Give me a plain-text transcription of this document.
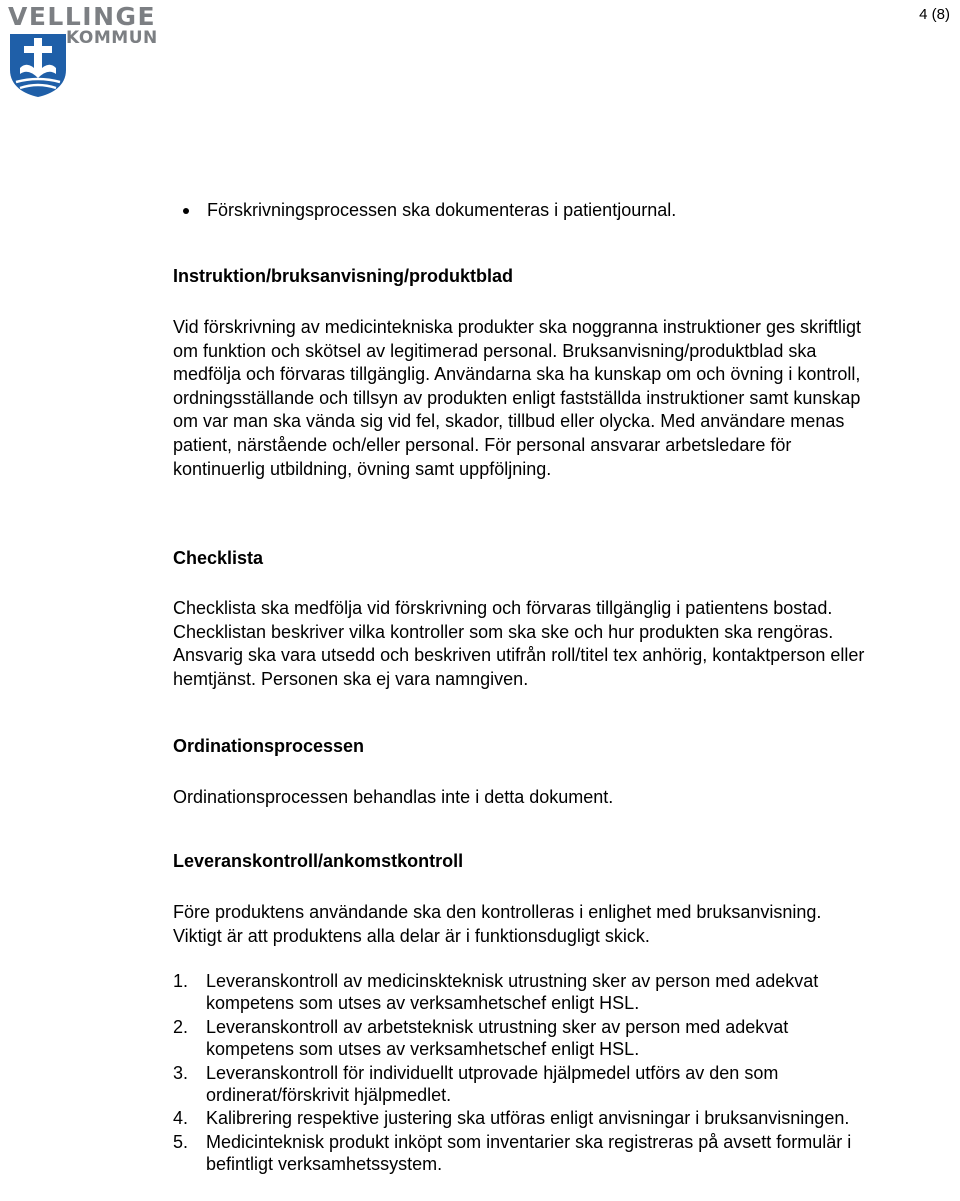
4 (8)
VELLINGE
KOMMUN
Förskrivningsprocessen ska dokumenteras i patientjournal.
Instruktion/bruksanvisning/produktblad
Vid förskrivning av medicintekniska produkter ska noggranna instruktioner ges skriftligt om funktion och skötsel av legitimerad personal. Bruksanvisning/produktblad ska medfölja och förvaras tillgänglig. Användarna ska ha kunskap om och övning i kontroll, ordningsställande och tillsyn av produkten enligt fastställda instruktioner samt kunskap om var man ska vända sig vid fel, skador, tillbud eller olycka. Med användare menas patient, närstående och/eller personal. För personal ansvarar arbetsledare för kontinuerlig utbildning, övning samt uppföljning.
Checklista
Checklista ska medfölja vid förskrivning och förvaras tillgänglig i patientens bostad. Checklistan beskriver vilka kontroller som ska ske och hur produkten ska rengöras. Ansvarig ska vara utsedd och beskriven utifrån roll/titel tex anhörig, kontaktperson eller hemtjänst. Personen ska ej vara namngiven.
Ordinationsprocessen
Ordinationsprocessen behandlas inte i detta dokument.
Leveranskontroll/ankomstkontroll
Före produktens användande ska den kontrolleras i enlighet med bruksanvisning. Viktigt är att produktens alla delar är i funktionsdugligt skick.
1. Leveranskontroll av medicinskteknisk utrustning sker av person med adekvat kompetens som utses av verksamhetschef enligt HSL.
2. Leveranskontroll av arbetsteknisk utrustning sker av person med adekvat kompetens som utses av verksamhetschef enligt HSL.
3. Leveranskontroll för individuellt utprovade hjälpmedel utförs av den som ordinerat/förskrivit hjälpmedlet.
4. Kalibrering respektive justering ska utföras enligt anvisningar i bruksanvisningen.
5. Medicinteknisk produkt inköpt som inventarier ska registreras på avsett formulär i befintligt verksamhetssystem.
